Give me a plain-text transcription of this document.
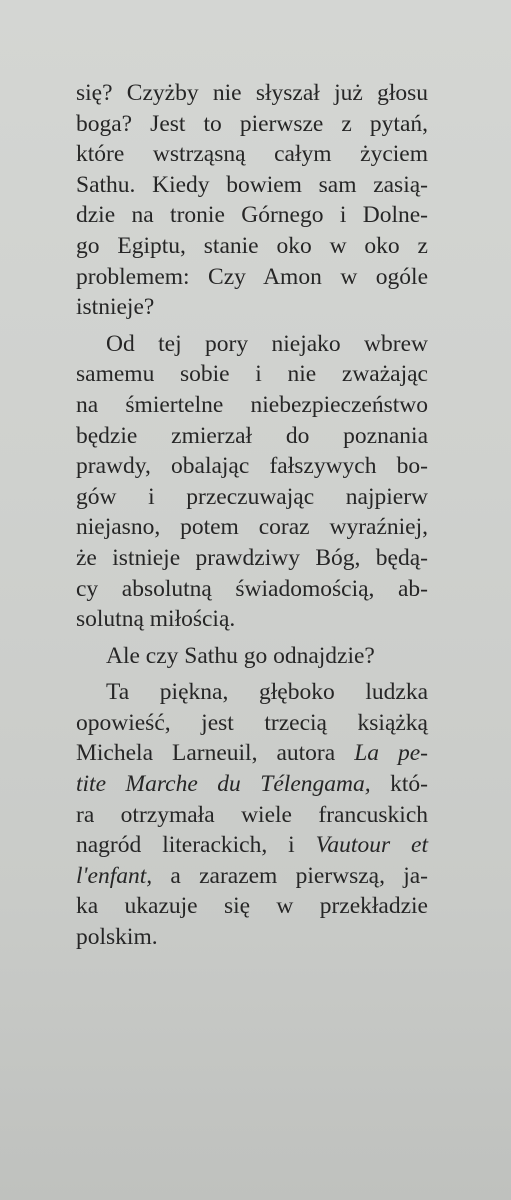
się? Czyżby nie słyszał już głosu
boga? Jest to pierwsze z pytań,
które wstrząsną całym życiem
Sathu. Kiedy bowiem sam zasią-
dzie na tronie Górnego i Dolne-
go Egiptu, stanie oko w oko z
problemem: Czy Amon w ogóle
istnieje?
Od tej pory niejako wbrew
samemu sobie i nie zważając
na śmiertelne niebezpieczeństwo
będzie zmierzał do poznania
prawdy, obalając fałszywych bo-
gów i przeczuwając najpierw
niejasno, potem coraz wyraźniej,
że istnieje prawdziwy Bóg, będą-
cy absolutną świadomością, ab-
solutną miłością.
Ale czy Sathu go odnajdzie?
Ta piękna, głęboko ludzka
opowieść, jest trzecią książką
Michela Larneuil, autora La pe-
tite Marche du Télengama, któ-
ra otrzymała wiele francuskich
nagród literackich, i Vautour et
l'enfant, a zarazem pierwszą, ja-
ka ukazuje się w przekładzie
polskim.
